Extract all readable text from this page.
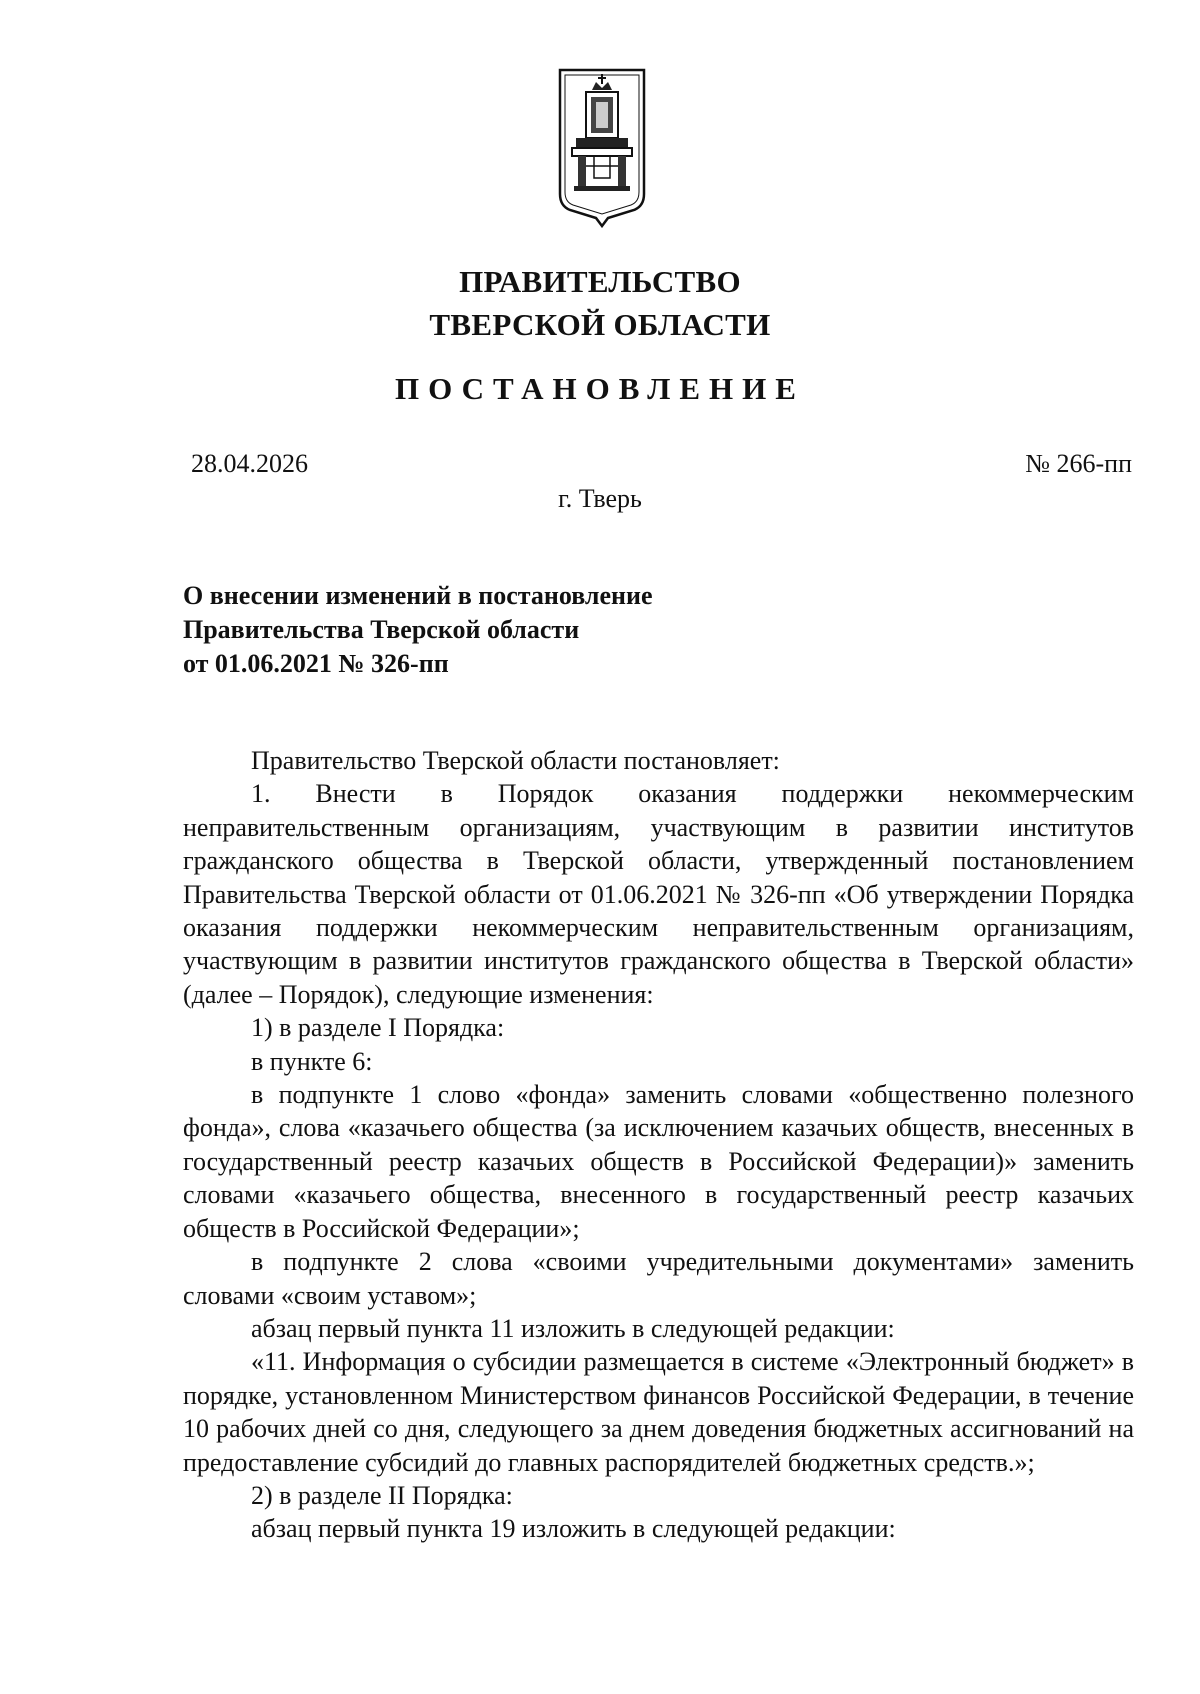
ПРАВИТЕЛЬСТВО
ТВЕРСКОЙ ОБЛАСТИ
ПОСТАНОВЛЕНИЕ
28.04.2026	№ 266-пп
г. Тверь
О внесении изменений в постановление
Правительства Тверской области
от 01.06.2021 № 326-пп

Правительство Тверской области постановляет:

1. Внести в Порядок оказания поддержки некоммерческим неправительственным организациям, участвующим в развитии институтов гражданского общества в Тверской области, утвержденный постановлением Правительства Тверской области от 01.06.2021 № 326-пп «Об утверждении Порядка оказания поддержки некоммерческим неправительственным организациям, участвующим в развитии институтов гражданского общества в Тверской области» (далее – Порядок), следующие изменения:

1) в разделе I Порядка:

в пункте 6:

в подпункте 1 слово «фонда» заменить словами «общественно полезного фонда», слова «казачьего общества (за исключением казачьих обществ, внесенных в государственный реестр казачьих обществ в Российской Федерации)» заменить словами «казачьего общества, внесенного в государственный реестр казачьих обществ в Российской Федерации»;

в подпункте 2 слова «своими учредительными документами» заменить словами «своим уставом»;

абзац первый пункта 11 изложить в следующей редакции:

«11. Информация о субсидии размещается в системе «Электронный бюджет» в порядке, установленном Министерством финансов Российской Федерации, в течение 10 рабочих дней со дня, следующего за днем доведения бюджетных ассигнований на предоставление субсидий до главных распорядителей бюджетных средств.»;

2) в разделе II Порядка:

абзац первый пункта 19 изложить в следующей редакции:
